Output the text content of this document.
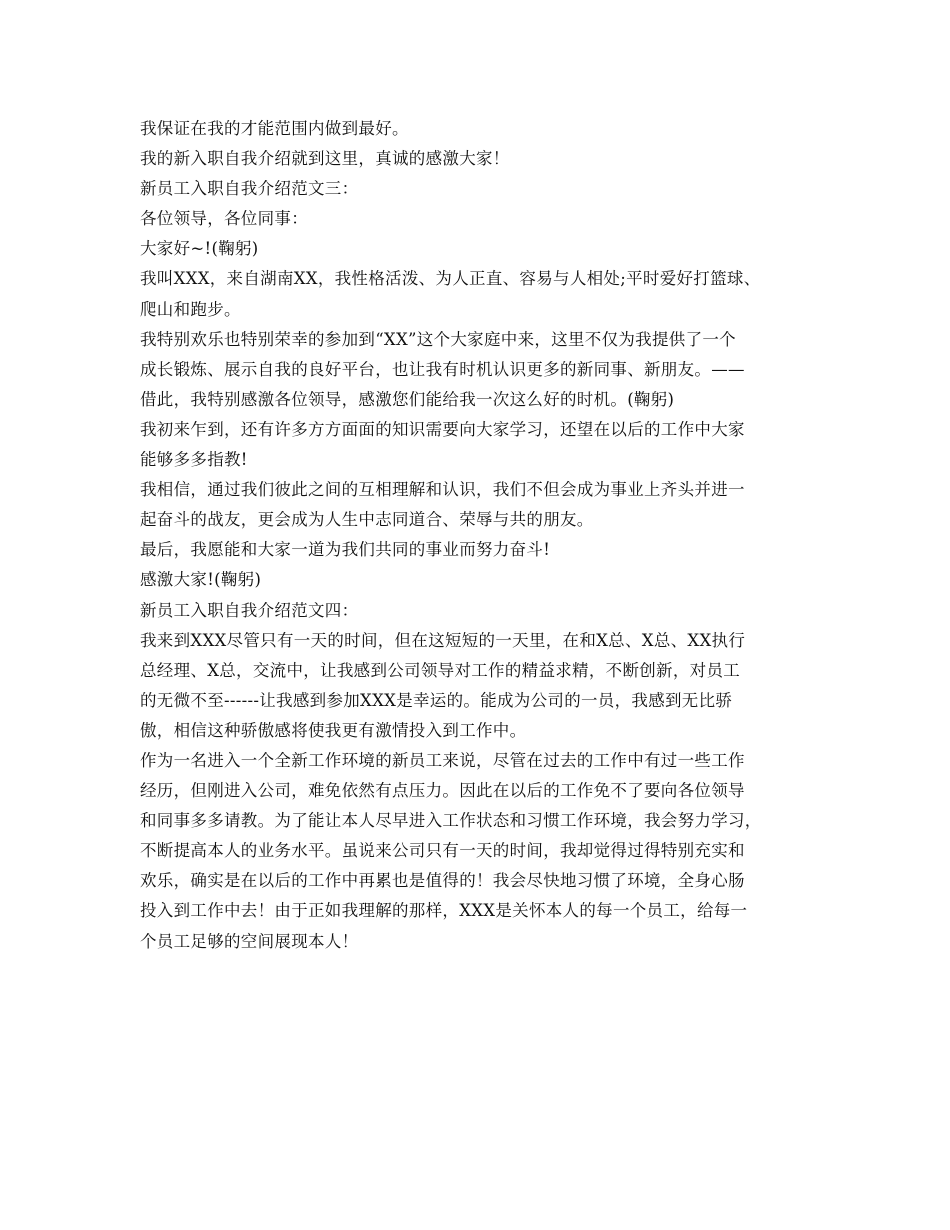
我保证在我的才能范围内做到最好。
我的新入职自我介绍就到这里，真诚的感激大家！
新员工入职自我介绍范文三：
各位领导，各位同事：
大家好~!(鞠躬)
我叫XXX，来自湖南XX，我性格活泼、为人正直、容易与人相处;平时爱好打篮球、
爬山和跑步。
我特别欢乐也特别荣幸的参加到“XX”这个大家庭中来，这里不仅为我提供了一个
成长锻炼、展示自我的良好平台，也让我有时机认识更多的新同事、新朋友。——
借此，我特别感激各位领导，感激您们能给我一次这么好的时机。(鞠躬)
我初来乍到，还有许多方方面面的知识需要向大家学习，还望在以后的工作中大家
能够多多指教!
我相信，通过我们彼此之间的互相理解和认识，我们不但会成为事业上齐头并进一
起奋斗的战友，更会成为人生中志同道合、荣辱与共的朋友。
最后，我愿能和大家一道为我们共同的事业而努力奋斗!
感激大家!(鞠躬)
新员工入职自我介绍范文四：
我来到XXX尽管只有一天的时间，但在这短短的一天里，在和X总、X总、XX执行
总经理、X总，交流中，让我感到公司领导对工作的精益求精，不断创新，对员工
的无微不至------让我感到参加XXX是幸运的。能成为公司的一员，我感到无比骄
傲，相信这种骄傲感将使我更有激情投入到工作中。
作为一名进入一个全新工作环境的新员工来说，尽管在过去的工作中有过一些工作
经历，但刚进入公司，难免依然有点压力。因此在以后的工作免不了要向各位领导
和同事多多请教。为了能让本人尽早进入工作状态和习惯工作环境，我会努力学习，
不断提高本人的业务水平。虽说来公司只有一天的时间，我却觉得过得特别充实和
欢乐，确实是在以后的工作中再累也是值得的！我会尽快地习惯了环境，全身心肠
投入到工作中去！由于正如我理解的那样，XXX是关怀本人的每一个员工，给每一
个员工足够的空间展现本人！
